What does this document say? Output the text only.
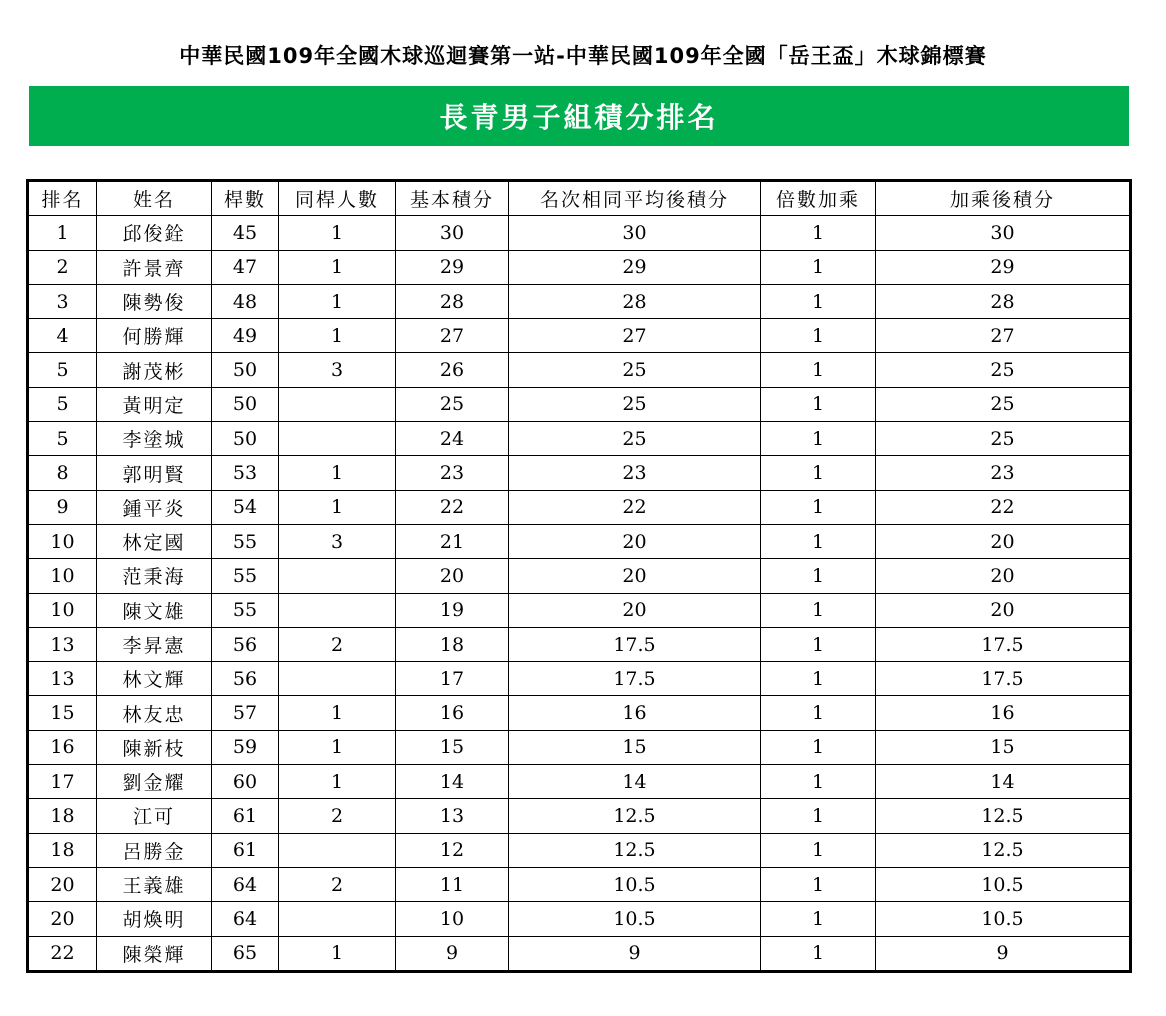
中華民國109年全國木球巡迴賽第一站-中華民國109年全國「岳王盃」木球錦標賽
長青男子組積分排名
排名	姓名	桿數	同桿人數	基本積分	名次相同平均後積分	倍數加乘	加乘後積分
1	邱俊銓	45	1	30	30	1	30
2	許景齊	47	1	29	29	1	29
3	陳勢俊	48	1	28	28	1	28
4	何勝輝	49	1	27	27	1	27
5	謝茂彬	50	3	26	25	1	25
5	黃明定	50		25	25	1	25
5	李塗城	50		24	25	1	25
8	郭明賢	53	1	23	23	1	23
9	鍾平炎	54	1	22	22	1	22
10	林定國	55	3	21	20	1	20
10	范秉海	55		20	20	1	20
10	陳文雄	55		19	20	1	20
13	李昇憲	56	2	18	17.5	1	17.5
13	林文輝	56		17	17.5	1	17.5
15	林友忠	57	1	16	16	1	16
16	陳新枝	59	1	15	15	1	15
17	劉金耀	60	1	14	14	1	14
18	江可	61	2	13	12.5	1	12.5
18	呂勝金	61		12	12.5	1	12.5
20	王義雄	64	2	11	10.5	1	10.5
20	胡煥明	64		10	10.5	1	10.5
22	陳榮輝	65	1	9	9	1	9
